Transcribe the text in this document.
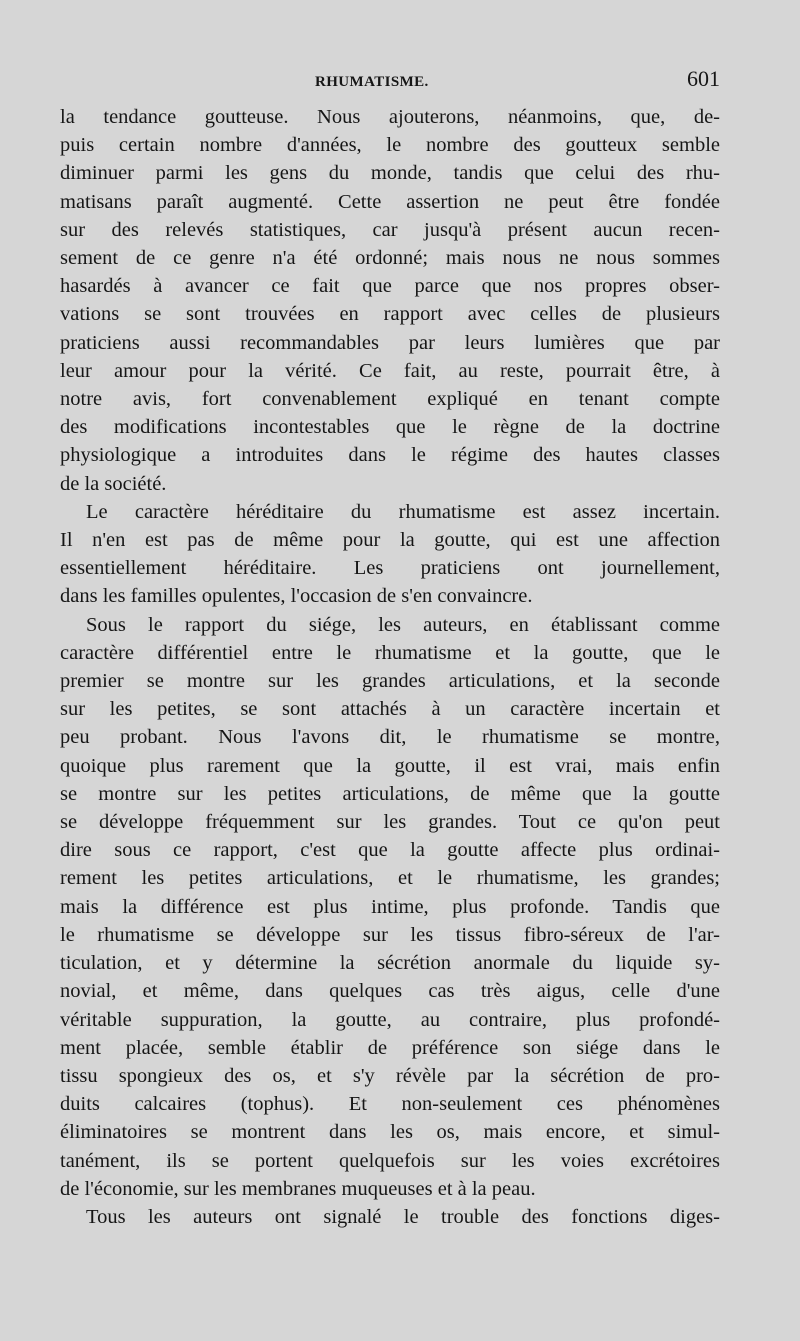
RHUMATISME.	601

la tendance goutteuse. Nous ajouterons, néanmoins, que, de-
puis certain nombre d'années, le nombre des goutteux semble
diminuer parmi les gens du monde, tandis que celui des rhu-
matisans paraît augmenté. Cette assertion ne peut être fondée
sur des relevés statistiques, car jusqu'à présent aucun recen-
sement de ce genre n'a été ordonné; mais nous ne nous sommes
hasardés à avancer ce fait que parce que nos propres obser-
vations se sont trouvées en rapport avec celles de plusieurs
praticiens aussi recommandables par leurs lumières que par
leur amour pour la vérité. Ce fait, au reste, pourrait être, à
notre avis, fort convenablement expliqué en tenant compte
des modifications incontestables que le règne de la doctrine
physiologique a introduites dans le régime des hautes classes
de la société.

Le caractère héréditaire du rhumatisme est assez incertain.
Il n'en est pas de même pour la goutte, qui est une affection
essentiellement héréditaire. Les praticiens ont journellement,
dans les familles opulentes, l'occasion de s'en convaincre.

Sous le rapport du siége, les auteurs, en établissant comme
caractère différentiel entre le rhumatisme et la goutte, que le
premier se montre sur les grandes articulations, et la seconde
sur les petites, se sont attachés à un caractère incertain et
peu probant. Nous l'avons dit, le rhumatisme se montre,
quoique plus rarement que la goutte, il est vrai, mais enfin
se montre sur les petites articulations, de même que la goutte
se développe fréquemment sur les grandes. Tout ce qu'on peut
dire sous ce rapport, c'est que la goutte affecte plus ordinai-
rement les petites articulations, et le rhumatisme, les grandes;
mais la différence est plus intime, plus profonde. Tandis que
le rhumatisme se développe sur les tissus fibro-séreux de l'ar-
ticulation, et y détermine la sécrétion anormale du liquide sy-
novial, et même, dans quelques cas très aigus, celle d'une
véritable suppuration, la goutte, au contraire, plus profondé-
ment placée, semble établir de préférence son siége dans le
tissu spongieux des os, et s'y révèle par la sécrétion de pro-
duits calcaires (tophus). Et non-seulement ces phénomènes
éliminatoires se montrent dans les os, mais encore, et simul-
tanément, ils se portent quelquefois sur les voies excrétoires
de l'économie, sur les membranes muqueuses et à la peau.

Tous les auteurs ont signalé le trouble des fonctions diges-
